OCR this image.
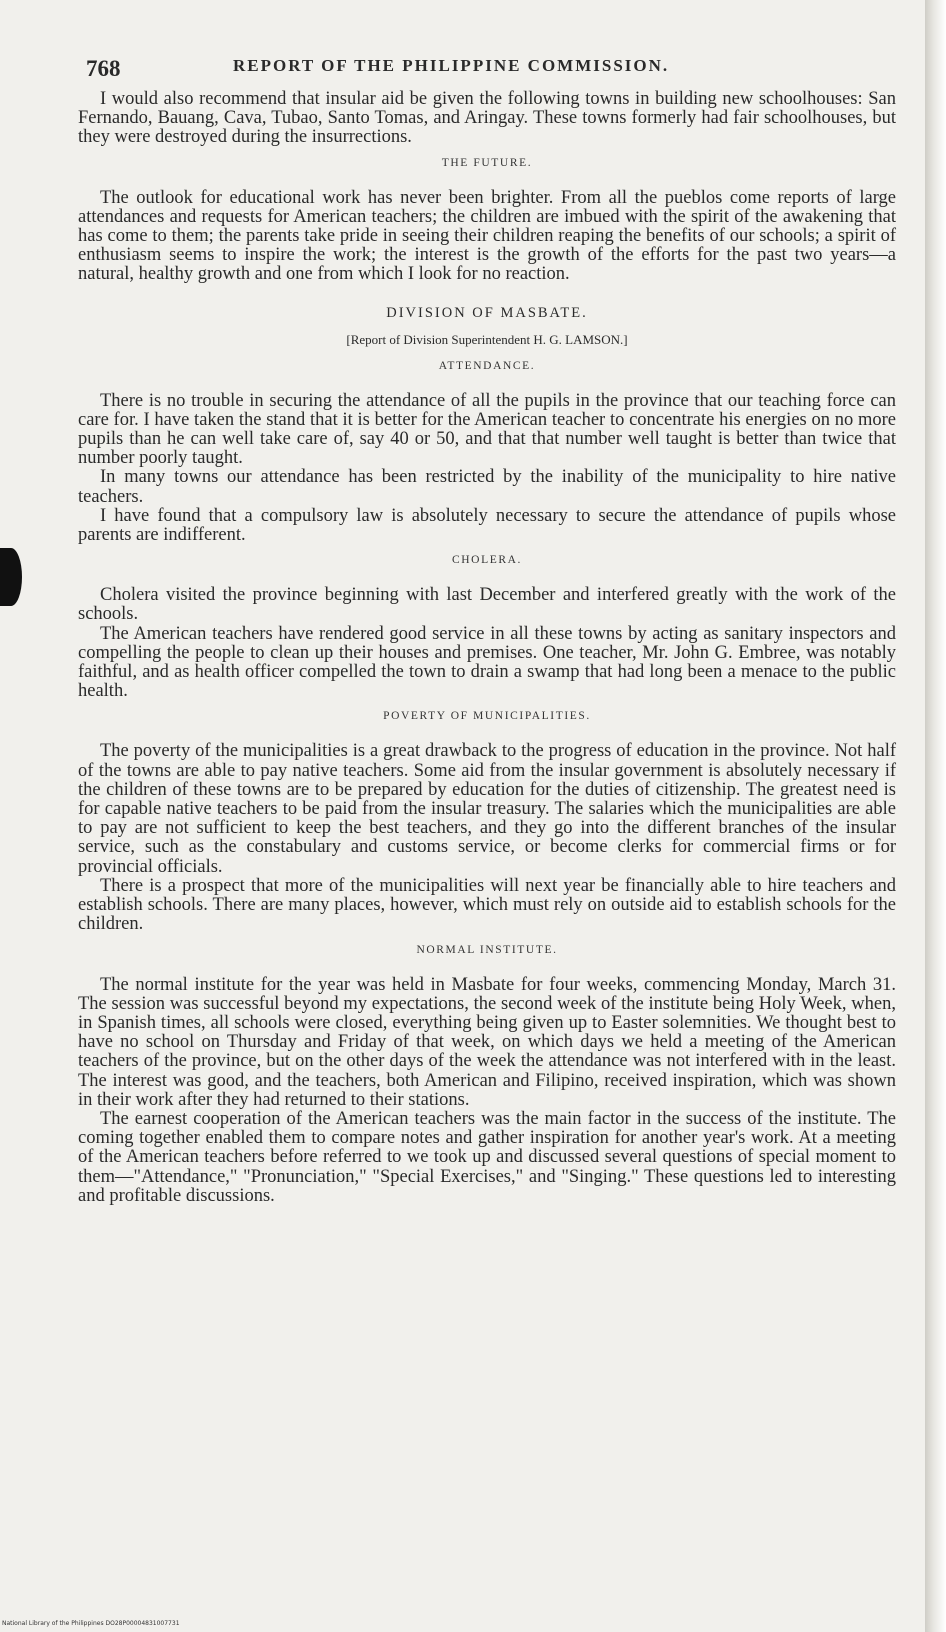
768	REPORT OF THE PHILIPPINE COMMISSION.

I would also recommend that insular aid be given the following towns in building new schoolhouses: San Fernando, Bauang, Cava, Tubao, Santo Tomas, and Aringay. These towns formerly had fair schoolhouses, but they were destroyed during the insurrections.

THE FUTURE.

The outlook for educational work has never been brighter. From all the pueblos come reports of large attendances and requests for American teachers; the children are imbued with the spirit of the awakening that has come to them; the parents take pride in seeing their children reaping the benefits of our schools; a spirit of enthusiasm seems to inspire the work; the interest is the growth of the efforts for the past two years—a natural, healthy growth and one from which I look for no reaction.

DIVISION OF MASBATE.
[Report of Division Superintendent H. G. LAMSON.]
ATTENDANCE.

There is no trouble in securing the attendance of all the pupils in the province that our teaching force can care for. I have taken the stand that it is better for the American teacher to concentrate his energies on no more pupils than he can well take care of, say 40 or 50, and that that number well taught is better than twice that number poorly taught.

In many towns our attendance has been restricted by the inability of the municipality to hire native teachers.

I have found that a compulsory law is absolutely necessary to secure the attendance of pupils whose parents are indifferent.

CHOLERA.

Cholera visited the province beginning with last December and interfered greatly with the work of the schools.

The American teachers have rendered good service in all these towns by acting as sanitary inspectors and compelling the people to clean up their houses and premises. One teacher, Mr. John G. Embree, was notably faithful, and as health officer compelled the town to drain a swamp that had long been a menace to the public health.

POVERTY OF MUNICIPALITIES.

The poverty of the municipalities is a great drawback to the progress of education in the province. Not half of the towns are able to pay native teachers. Some aid from the insular government is absolutely necessary if the children of these towns are to be prepared by education for the duties of citizenship. The greatest need is for capable native teachers to be paid from the insular treasury. The salaries which the municipalities are able to pay are not sufficient to keep the best teachers, and they go into the different branches of the insular service, such as the constabulary and customs service, or become clerks for commercial firms or for provincial officials.

There is a prospect that more of the municipalities will next year be financially able to hire teachers and establish schools. There are many places, however, which must rely on outside aid to establish schools for the children.

NORMAL INSTITUTE.

The normal institute for the year was held in Masbate for four weeks, commencing Monday, March 31. The session was successful beyond my expectations, the second week of the institute being Holy Week, when, in Spanish times, all schools were closed, everything being given up to Easter solemnities. We thought best to have no school on Thursday and Friday of that week, on which days we held a meeting of the American teachers of the province, but on the other days of the week the attendance was not interfered with in the least. The interest was good, and the teachers, both American and Filipino, received inspiration, which was shown in their work after they had returned to their stations.

The earnest cooperation of the American teachers was the main factor in the success of the institute. The coming together enabled them to compare notes and gather inspiration for another year's work. At a meeting of the American teachers before referred to we took up and discussed several questions of special moment to them—"Attendance," "Pronunciation," "Special Exercises," and "Singing." These questions led to interesting and profitable discussions.

National Library of the Philippines DO28P00004831007731
